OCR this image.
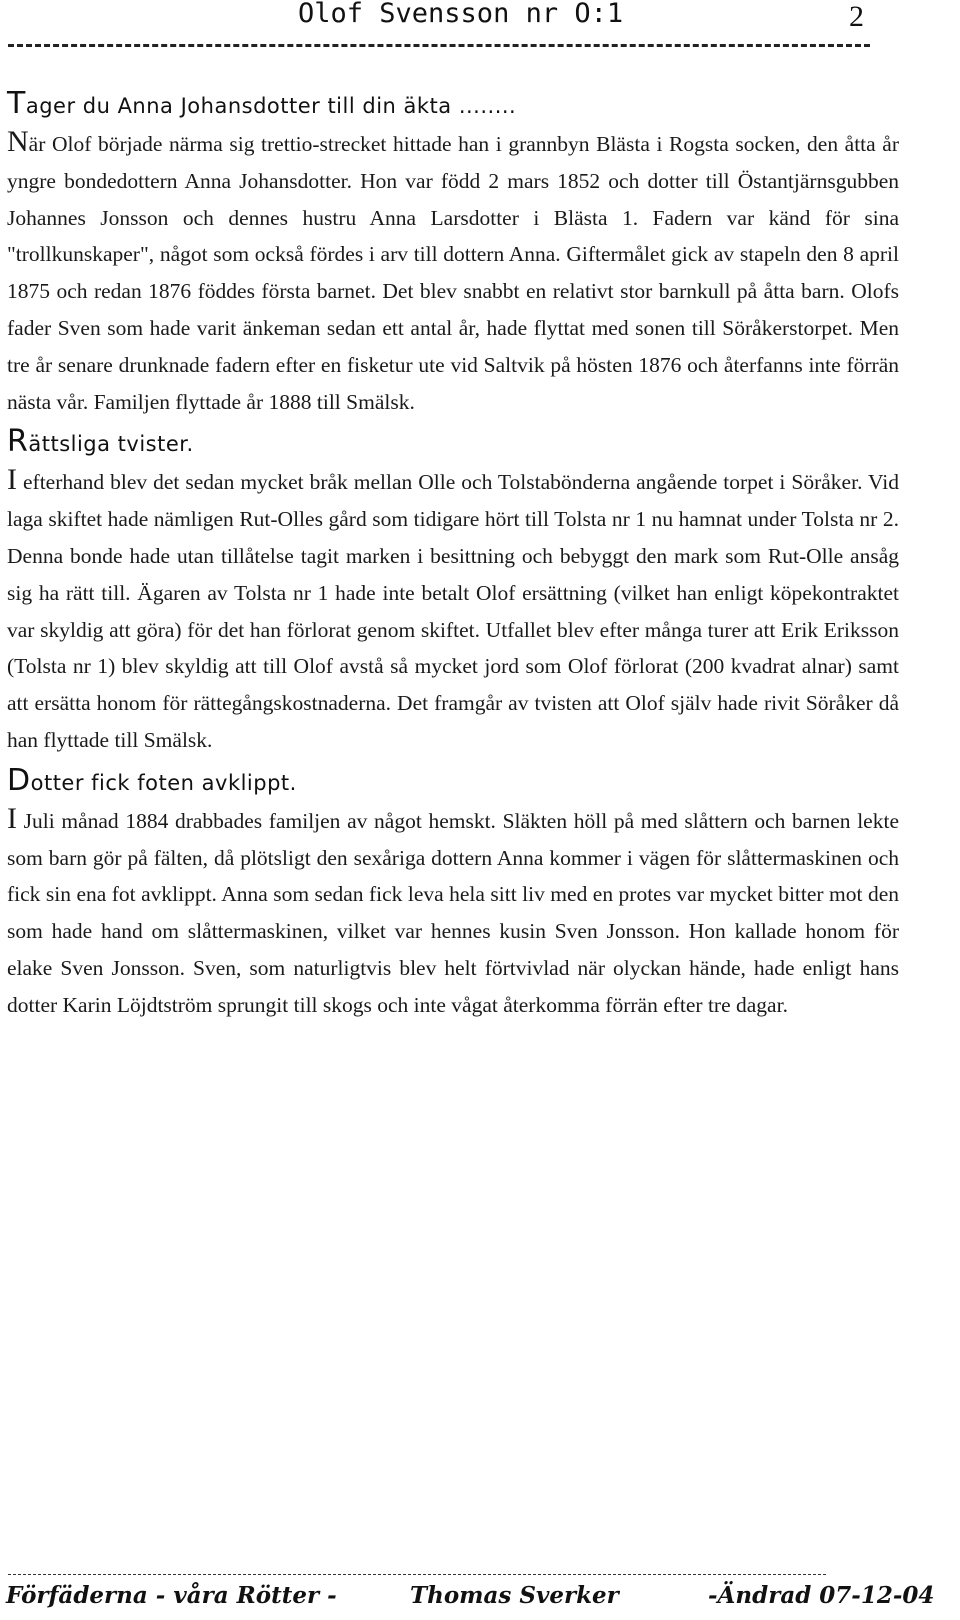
Olof Svensson nr O:1	2
Tager du Anna Johansdotter till din äkta ........

När Olof började närma sig trettio-strecket hittade han i grannbyn Blästa i Rogsta socken, den åtta år yngre bondedottern Anna Johansdotter. Hon var född 2 mars 1852 och dotter till Östantjärnsgubben Johannes Jonsson och dennes hustru Anna Larsdotter i Blästa 1. Fadern var känd för sina "trollkunskaper", något som också fördes i arv till dottern Anna. Giftermålet gick av stapeln den 8 april 1875 och redan 1876 föddes första barnet. Det blev snabbt en relativt stor barnkull på åtta barn. Olofs fader Sven som hade varit änkeman sedan ett antal år, hade flyttat med sonen till Söråkerstorpet. Men tre år senare drunknade fadern efter en fisketur ute vid Saltvik på hösten 1876 och återfanns inte förrän nästa vår. Familjen flyttade år 1888 till Smälsk.

Rättsliga tvister.

I efterhand blev det sedan mycket bråk mellan Olle och Tolstabönderna angående torpet i Söråker. Vid laga skiftet hade nämligen Rut-Olles gård som tidigare hört till Tolsta nr 1 nu hamnat under Tolsta nr 2. Denna bonde hade utan tillåtelse tagit marken i besittning och bebyggt den mark som Rut-Olle ansåg sig ha rätt till. Ägaren av Tolsta nr 1 hade inte betalt Olof ersättning (vilket han enligt köpekontraktet var skyldig att göra) för det han förlorat genom skiftet. Utfallet blev efter många turer att Erik Eriksson (Tolsta nr 1) blev skyldig att till Olof avstå så mycket jord som Olof förlorat (200 kvadrat alnar) samt att ersätta honom för rättegångskostnaderna. Det framgår av tvisten att Olof själv hade rivit Söråker då han flyttade till Smälsk.

Dotter fick foten avklippt.

I Juli månad 1884 drabbades familjen av något hemskt. Släkten höll på med slåttern och barnen lekte som barn gör på fälten, då plötsligt den sexåriga dottern Anna kommer i vägen för slåttermaskinen och fick sin ena fot avklippt. Anna som sedan fick leva hela sitt liv med en protes var mycket bitter mot den som hade hand om slåttermaskinen, vilket var hennes kusin Sven Jonsson. Hon kallade honom för elake Sven Jonsson. Sven, som naturligtvis blev helt förtvivlad när olyckan hände, hade enligt hans dotter Karin Löjdtström sprungit till skogs och inte vågat återkomma förrän efter tre dagar.

Förfäderna - våra Rötter -	Thomas Sverker	-Ändrad 07-12-04
